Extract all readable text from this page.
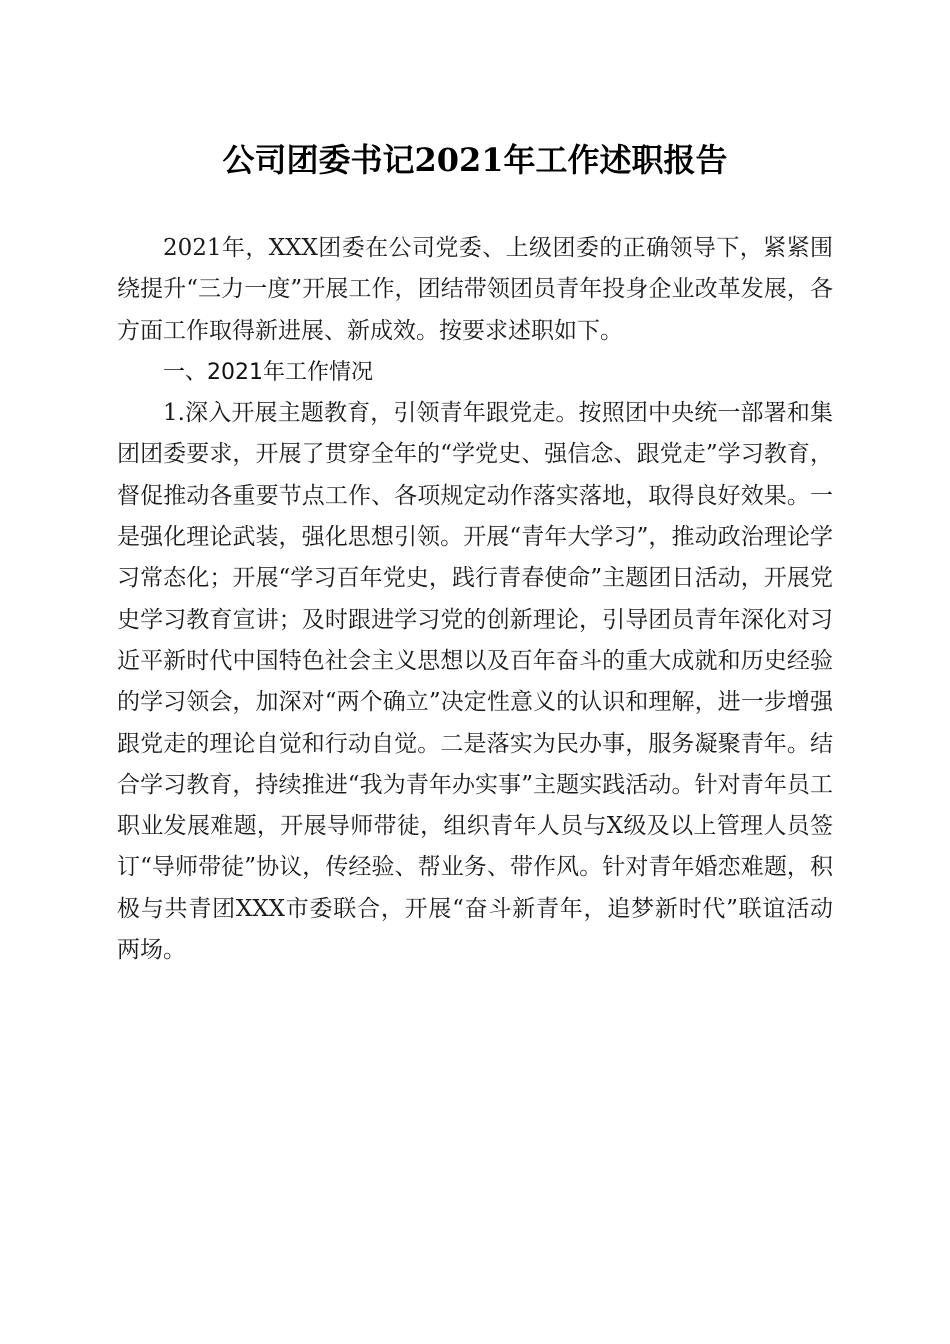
公司团委书记2021年工作述职报告

2021年，XXX团委在公司党委、上级团委的正确领导下，紧紧围绕提升“三力一度”开展工作，团结带领团员青年投身企业改革发展，各方面工作取得新进展、新成效。按要求述职如下。

一、2021年工作情况

1.深入开展主题教育，引领青年跟党走。按照团中央统一部署和集团团委要求，开展了贯穿全年的“学党史、强信念、跟党走”学习教育，督促推动各重要节点工作、各项规定动作落实落地，取得良好效果。一是强化理论武装，强化思想引领。开展“青年大学习”，推动政治理论学习常态化；开展“学习百年党史，践行青春使命”主题团日活动，开展党史学习教育宣讲；及时跟进学习党的创新理论，引导团员青年深化对习近平新时代中国特色社会主义思想以及百年奋斗的重大成就和历史经验的学习领会，加深对“两个确立”决定性意义的认识和理解，进一步增强跟党走的理论自觉和行动自觉。二是落实为民办事，服务凝聚青年。结合学习教育，持续推进“我为青年办实事”主题实践活动。针对青年员工职业发展难题，开展导师带徒，组织青年人员与X级及以上管理人员签订“导师带徒”协议，传经验、帮业务、带作风。针对青年婚恋难题，积极与共青团XXX市委联合，开展“奋斗新青年，追梦新时代”联谊活动两场。
